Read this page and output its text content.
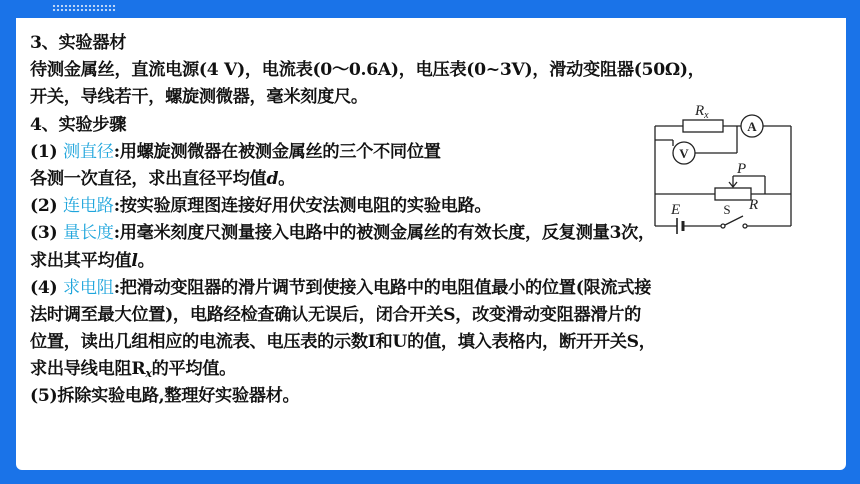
3、实验器材
待测金属丝，直流电源(4 V)，电流表(0～0.6A)，电压表(0~3V)，滑动变阻器(50Ω)，
开关，导线若干，螺旋测微器，毫米刻度尺。
4、实验步骤
(1) 测直径:用螺旋测微器在被测金属丝的三个不同位置
各测一次直径，求出直径平均值d。
(2) 连电路:按实验原理图连接好用伏安法测电阻的实验电路。
(3) 量长度:用毫米刻度尺测量接入电路中的被测金属丝的有效长度，反复测量3次，
求出其平均值l。
(4) 求电阻:把滑动变阻器的滑片调节到使接入电路中的电阻值最小的位置(限流式接
法时调至最大位置)，电路经检查确认无误后，闭合开关S，改变滑动变阻器滑片的
位置，读出几组相应的电流表、电压表的示数I和U的值，填入表格内，断开开关S，
求出导线电阻$R_x$的平均值。
(5)拆除实验电路,整理好实验器材。
$R_x$
P
E	R
A
V
S
